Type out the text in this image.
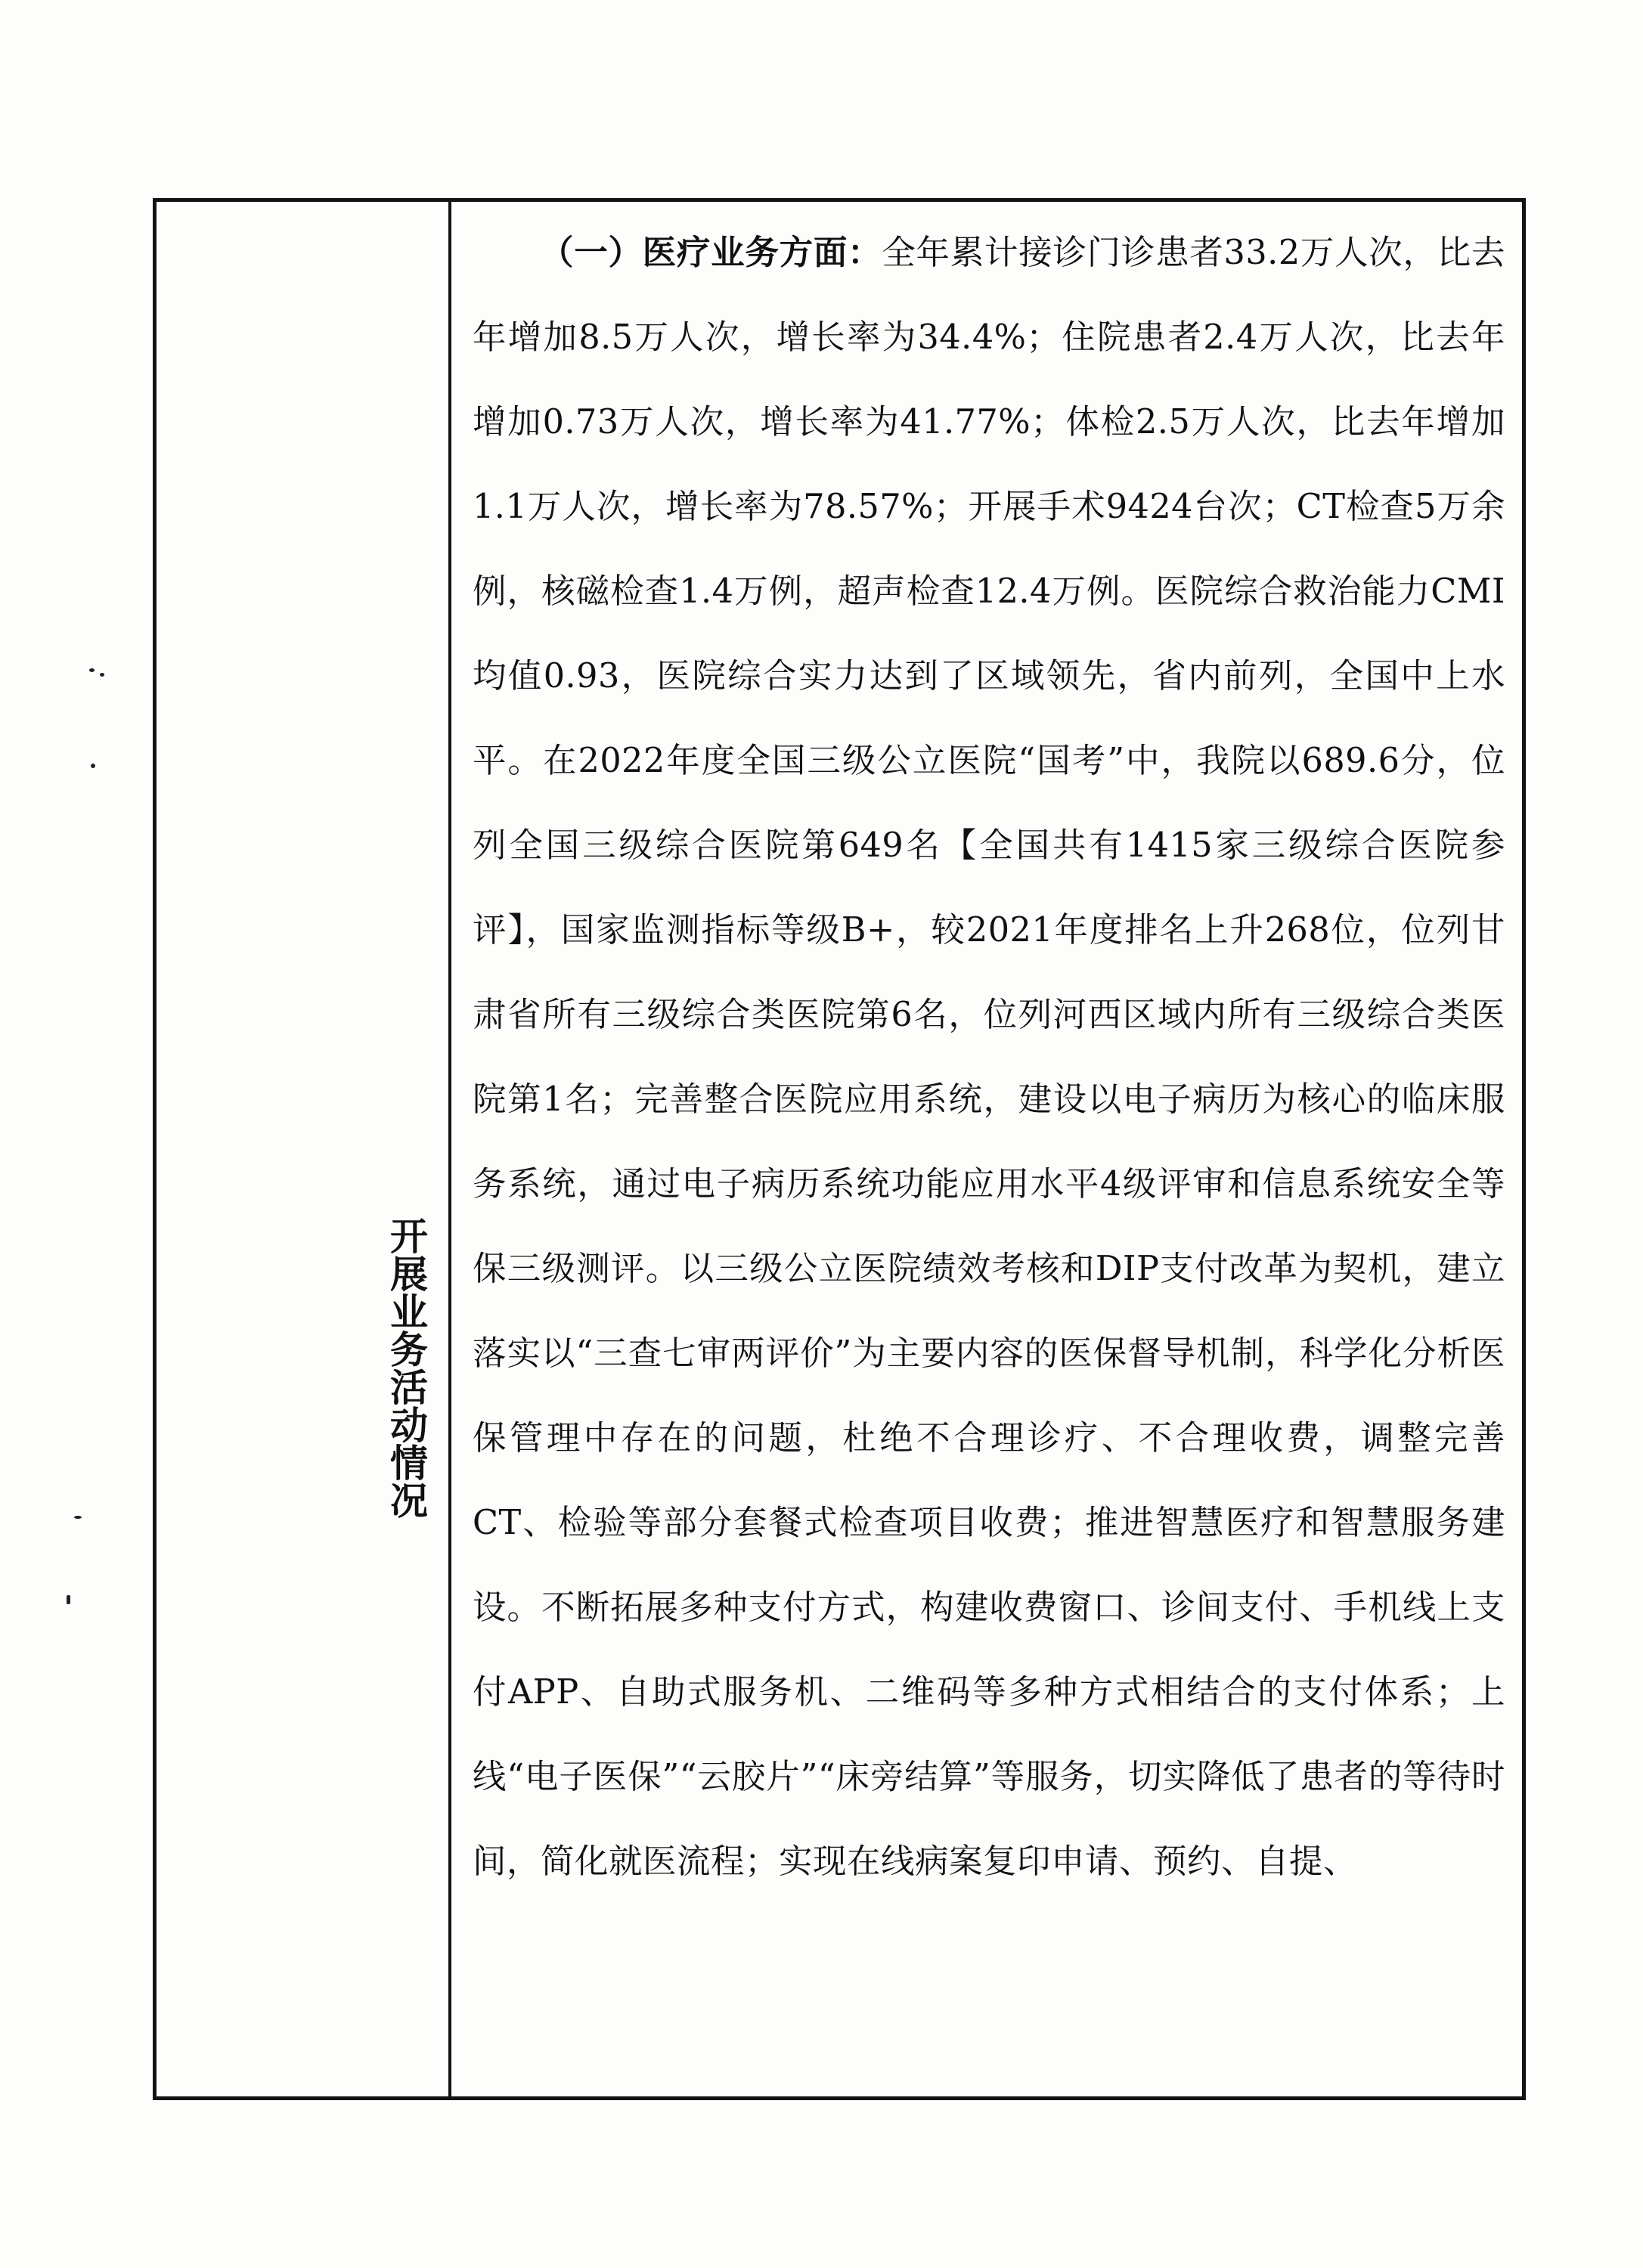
开展业务活动情况

（一）医疗业务方面：全年累计接诊门诊患者33.2万人次，比去年增加8.5万人次，增长率为34.4%；住院患者2.4万人次，比去年增加0.73万人次，增长率为41.77%；体检2.5万人次，比去年增加1.1万人次，增长率为78.57%；开展手术9424台次；CT检查5万余例，核磁检查1.4万例，超声检查12.4万例。医院综合救治能力CMI均值0.93，医院综合实力达到了区域领先，省内前列，全国中上水平。在2022年度全国三级公立医院“国考”中，我院以689.6分，位列全国三级综合医院第649名【全国共有1415家三级综合医院参评】，国家监测指标等级B+，较2021年度排名上升268位，位列甘肃省所有三级综合类医院第6名，位列河西区域内所有三级综合类医院第1名；完善整合医院应用系统，建设以电子病历为核心的临床服务系统，通过电子病历系统功能应用水平4级评审和信息系统安全等保三级测评。以三级公立医院绩效考核和DIP支付改革为契机，建立落实以“三查七审两评价”为主要内容的医保督导机制，科学化分析医保管理中存在的问题，杜绝不合理诊疗、不合理收费，调整完善CT、检验等部分套餐式检查项目收费；推进智慧医疗和智慧服务建设。不断拓展多种支付方式，构建收费窗口、诊间支付、手机线上支付APP、自助式服务机、二维码等多种方式相结合的支付体系；上线“电子医保”“云胶片”“床旁结算”等服务，切实降低了患者的等待时间，简化就医流程；实现在线病案复印申请、预约、自提、
